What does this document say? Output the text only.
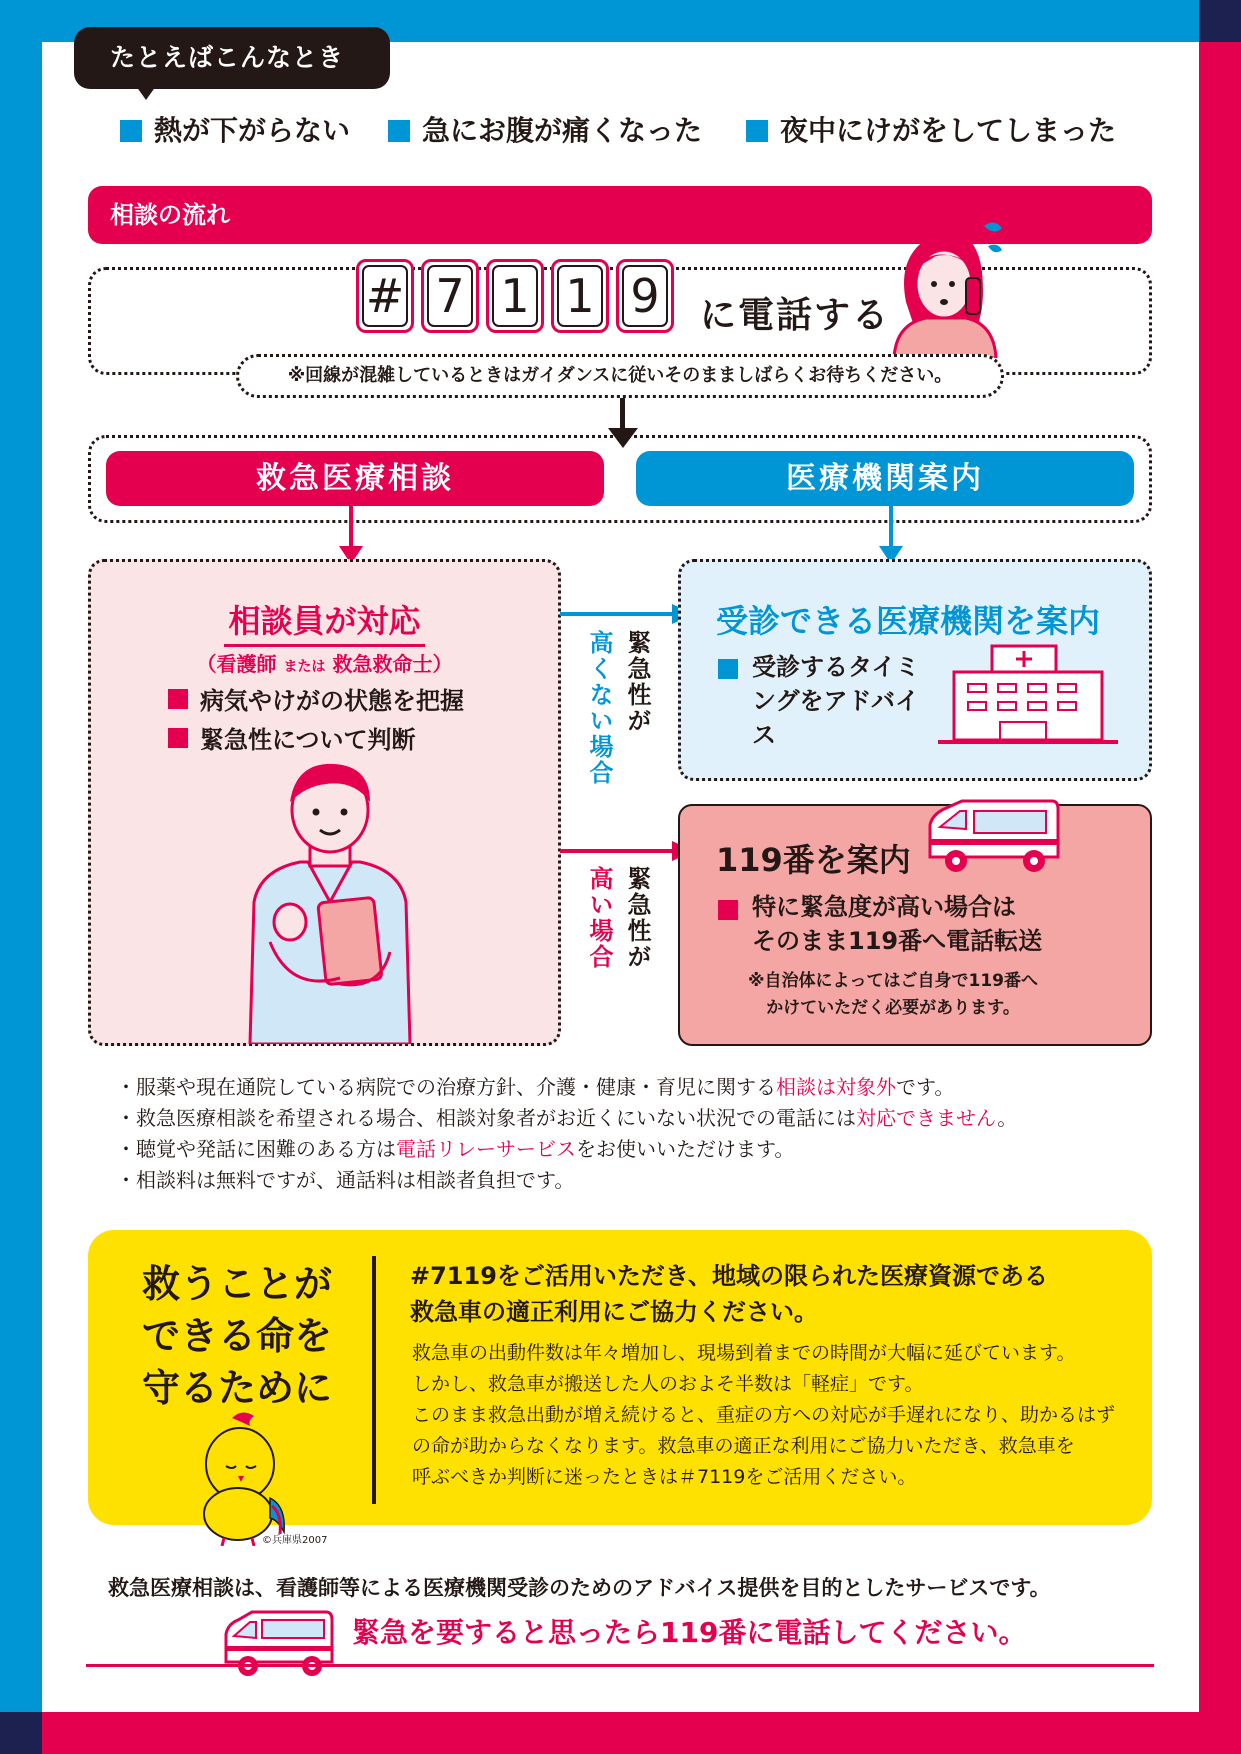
たとえばこんなとき
熱が下がらない	急にお腹が痛くなった	夜中にけがをしてしまった
相談の流れ
# 7 1 1 9 に電話する
※回線が混雑しているときはガイダンスに従いそのまましばらくお待ちください。
救急医療相談	医療機関案内
相談員が対応
（看護師 または 救急救命士）
病気やけがの状態を把握
緊急性について判断
緊急性が
高くない場合
緊急性が
高い場合
受診できる医療機関を案内
受診するタイミングをアドバイス
119番を案内
特に緊急度が高い場合は
そのまま119番へ電話転送
※自治体によってはご自身で119番へ
かけていただく必要があります。
・服薬や現在通院している病院での治療方針、介護・健康・育児に関する相談は対象外です。
・救急医療相談を希望される場合、相談対象者がお近くにいない状況での電話には対応できません。
・聴覚や発話に困難のある方は電話リレーサービスをお使いいただけます。
・相談料は無料ですが、通話料は相談者負担です。
救うことが
できる命を
守るために
©兵庫県2007
#7119をご活用いただき、地域の限られた医療資源である
救急車の適正利用にご協力ください。
救急車の出動件数は年々増加し、現場到着までの時間が大幅に延びています。
しかし、救急車が搬送した人のおよそ半数は「軽症」です。
このまま救急出動が増え続けると、重症の方への対応が手遅れになり、助かるはず
の命が助からなくなります。救急車の適正な利用にご協力いただき、救急車を
呼ぶべきか判断に迷ったときは＃7119をご活用ください。
救急医療相談は、看護師等による医療機関受診のためのアドバイス提供を目的としたサービスです。
緊急を要すると思ったら119番に電話してください。
